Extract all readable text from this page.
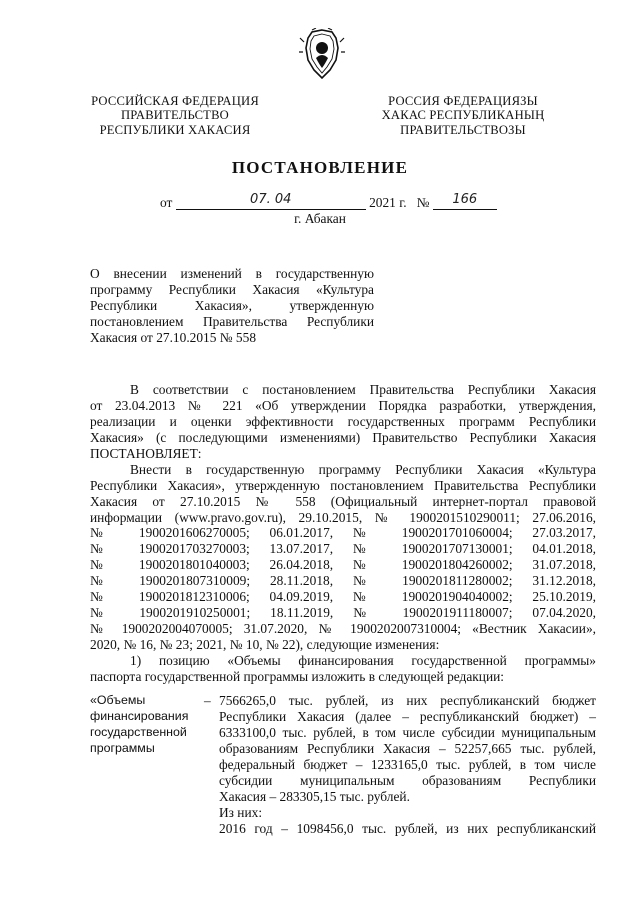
РОССИЙСКАЯ ФЕДЕРАЦИЯ
ПРАВИТЕЛЬСТВО
РЕСПУБЛИКИ ХАКАСИЯ
РОССИЯ ФЕДЕРАЦИЯЗЫ
ХАКАС РЕСПУБЛИКАНЫҢ
ПРАВИТЕЛЬСТВОЗЫ
ПОСТАНОВЛЕНИЕ
от	07. 04	2021 г. № 166
г. Абакан
О внесении изменений в государственную
программу Республики Хакасия «Культура
Республики Хакасия», утвержденную
постановлением Правительства Республики
Хакасия от 27.10.2015 № 558
В соответствии с постановлением Правительства Республики Хакасия
от 23.04.2013 № 221 «Об утверждении Порядка разработки, утверждения,
реализации и оценки эффективности государственных программ Республики
Хакасия» (с последующими изменениями) Правительство Республики Хакасия
ПОСТАНОВЛЯЕТ:
Внести в государственную программу Республики Хакасия «Культура
Республики Хакасия», утвержденную постановлением Правительства Республики
Хакасия от 27.10.2015 № 558 (Официальный интернет-портал правовой
информации (www.pravo.gov.ru), 29.10.2015, № 1900201510290011; 27.06.2016,
№ 1900201606270005; 06.01.2017, № 1900201701060004; 27.03.2017,
№ 1900201703270003; 13.07.2017, № 1900201707130001; 04.01.2018,
№ 1900201801040003; 26.04.2018, № 1900201804260002; 31.07.2018,
№ 1900201807310009; 28.11.2018, № 1900201811280002; 31.12.2018,
№ 1900201812310006; 04.09.2019, № 1900201904040002; 25.10.2019,
№ 1900201910250001; 18.11.2019, № 1900201911180007; 07.04.2020,
№ 1900202004070005; 31.07.2020, № 1900202007310004; «Вестник Хакасии»,
2020, № 16, № 23; 2021, № 10, № 22), следующие изменения:
1) позицию «Объемы финансирования государственной программы»
паспорта государственной программы изложить в следующей редакции:
«Объемы
финансирования
государственной
программы
– 7566265,0 тыс. рублей, из них республиканский бюджет
Республики Хакасия (далее – республиканский бюджет) –
6333100,0 тыс. рублей, в том числе субсидии муниципальным
образованиям Республики Хакасия – 52257,665 тыс. рублей,
федеральный бюджет – 1233165,0 тыс. рублей, в том числе
субсидии муниципальным образованиям Республики
Хакасия – 283305,15 тыс. рублей.
Из них:
2016 год – 1098456,0 тыс. рублей, из них республиканский
